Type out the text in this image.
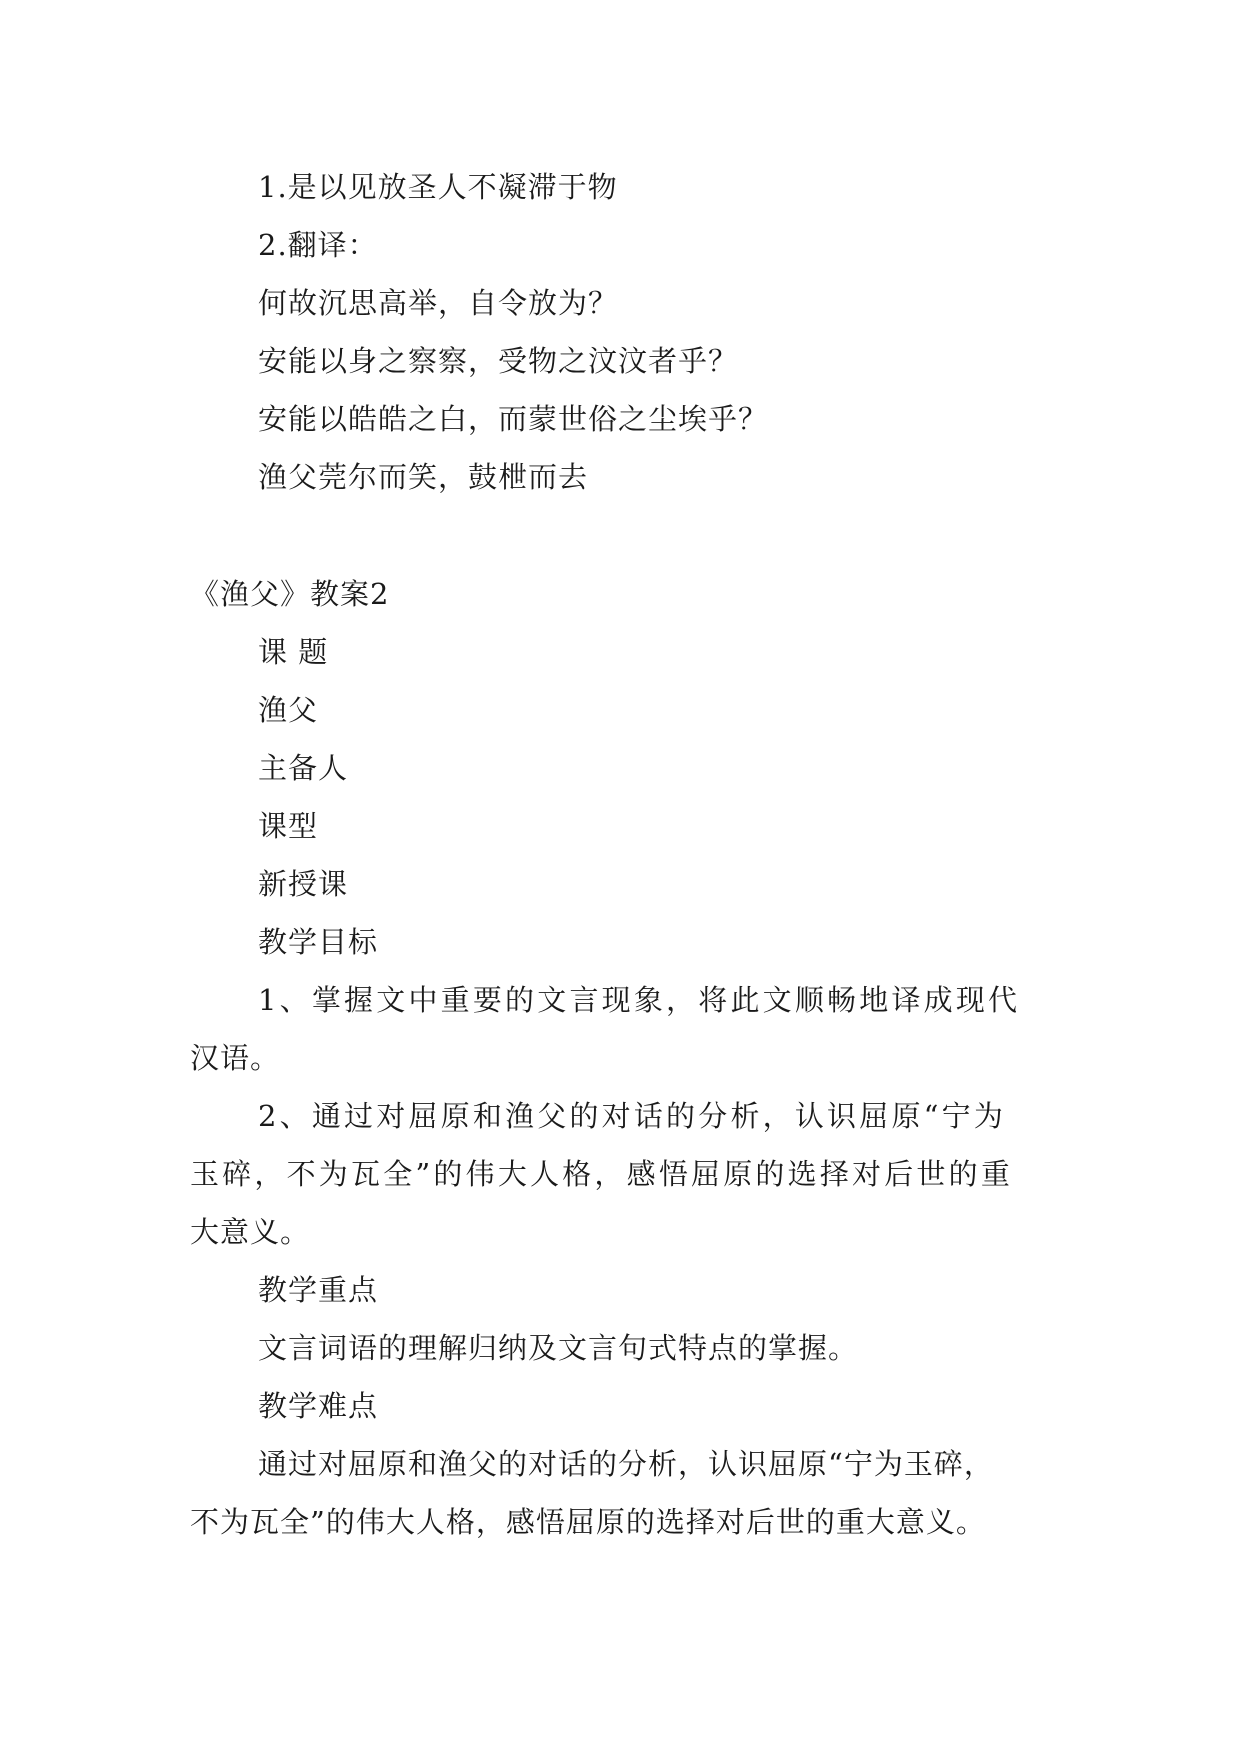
1.是以见放圣人不凝滞于物
2.翻译：
何故沉思高举，自令放为？
安能以身之察察，受物之汶汶者乎？
安能以皓皓之白，而蒙世俗之尘埃乎？
渔父莞尔而笑，鼓枻而去
《渔父》教案2
课 题
渔父
主备人
课型
新授课
教学目标
1、掌握文中重要的文言现象，将此文顺畅地译成现代
汉语。
2、通过对屈原和渔父的对话的分析，认识屈原“宁为
玉碎，不为瓦全”的伟大人格，感悟屈原的选择对后世的重
大意义。
教学重点
文言词语的理解归纳及文言句式特点的掌握。
教学难点
通过对屈原和渔父的对话的分析，认识屈原“宁为玉碎，
不为瓦全”的伟大人格，感悟屈原的选择对后世的重大意义。
